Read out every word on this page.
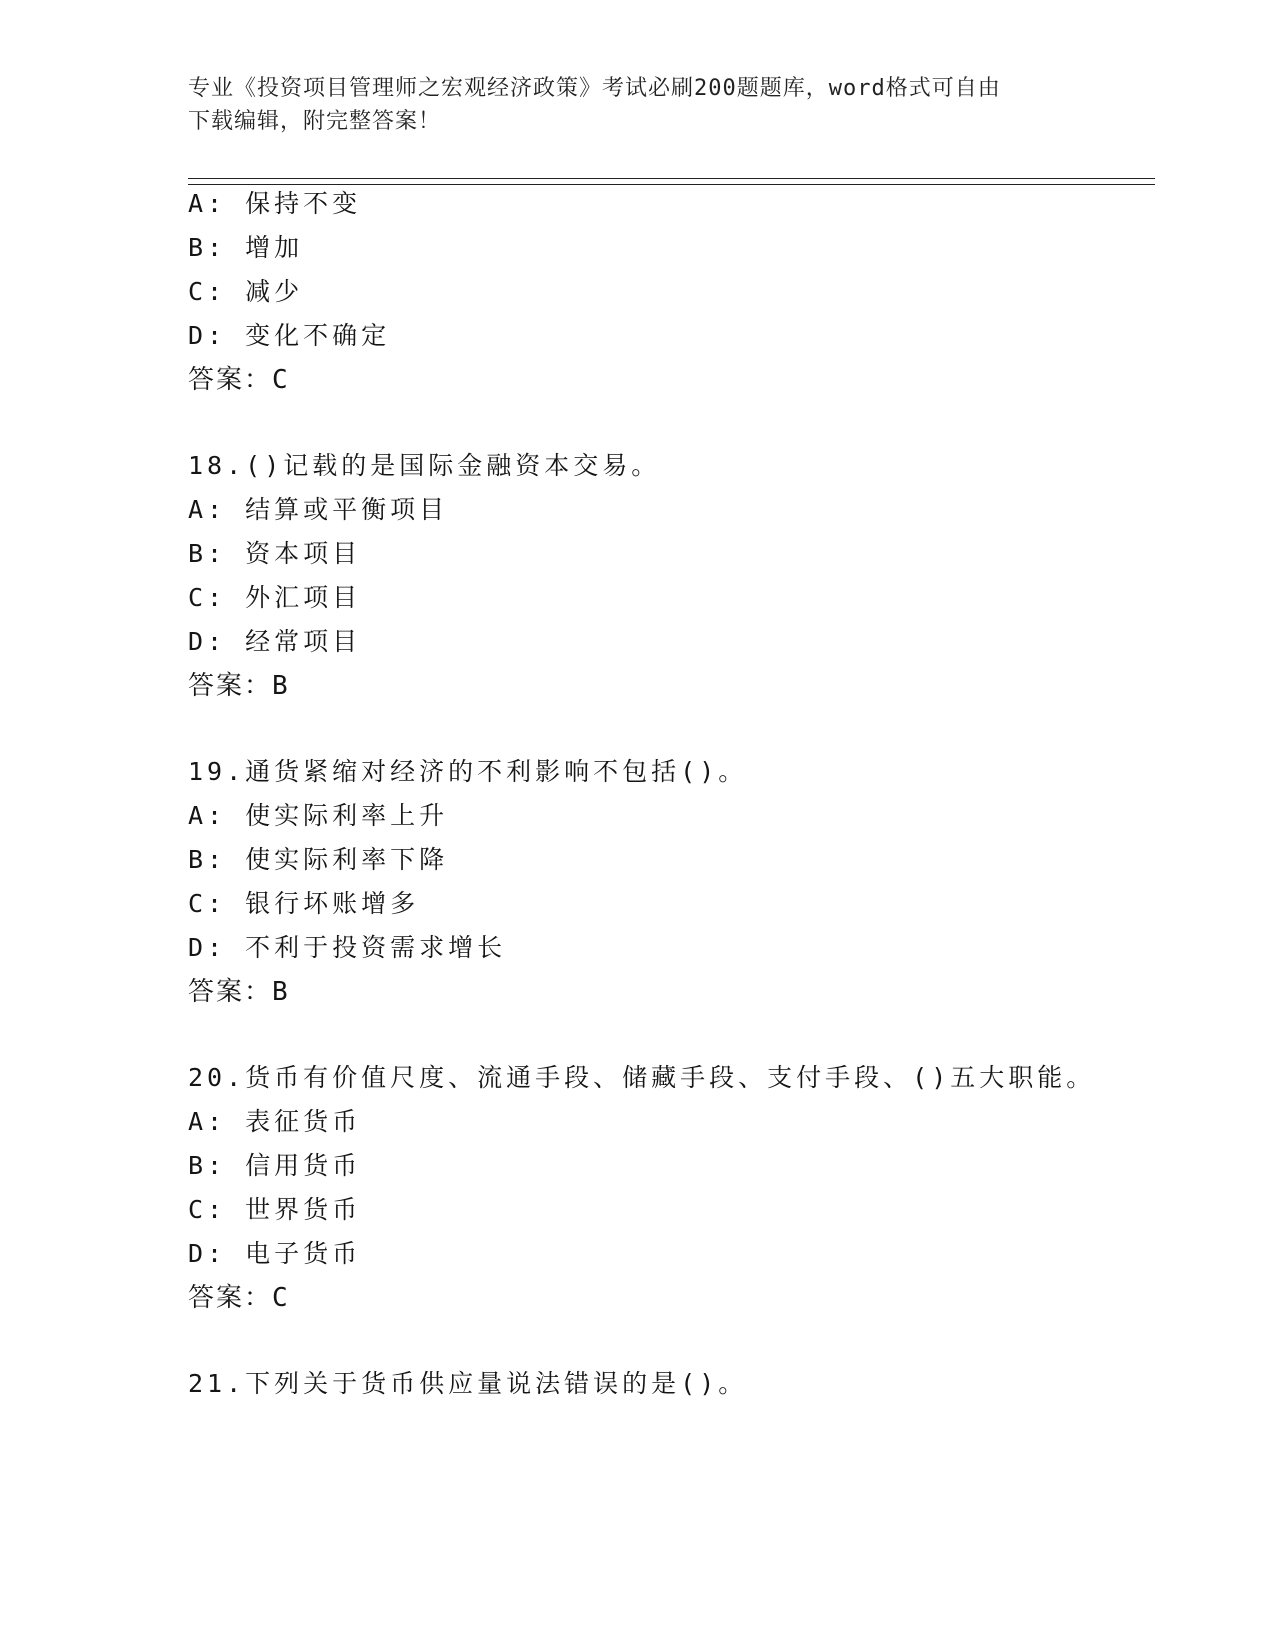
专业《投资项目管理师之宏观经济政策》考试必刷200题题库，word格式可自由
下载编辑，附完整答案！
A: 保持不变
B: 增加
C: 减少
D: 变化不确定
答案：C
18.()记载的是国际金融资本交易。
A: 结算或平衡项目
B: 资本项目
C: 外汇项目
D: 经常项目
答案：B
19.通货紧缩对经济的不利影响不包括()。
A: 使实际利率上升
B: 使实际利率下降
C: 银行坏账增多
D: 不利于投资需求增长
答案：B
20.货币有价值尺度、流通手段、储藏手段、支付手段、()五大职能。
A: 表征货币
B: 信用货币
C: 世界货币
D: 电子货币
答案：C
21.下列关于货币供应量说法错误的是()。
